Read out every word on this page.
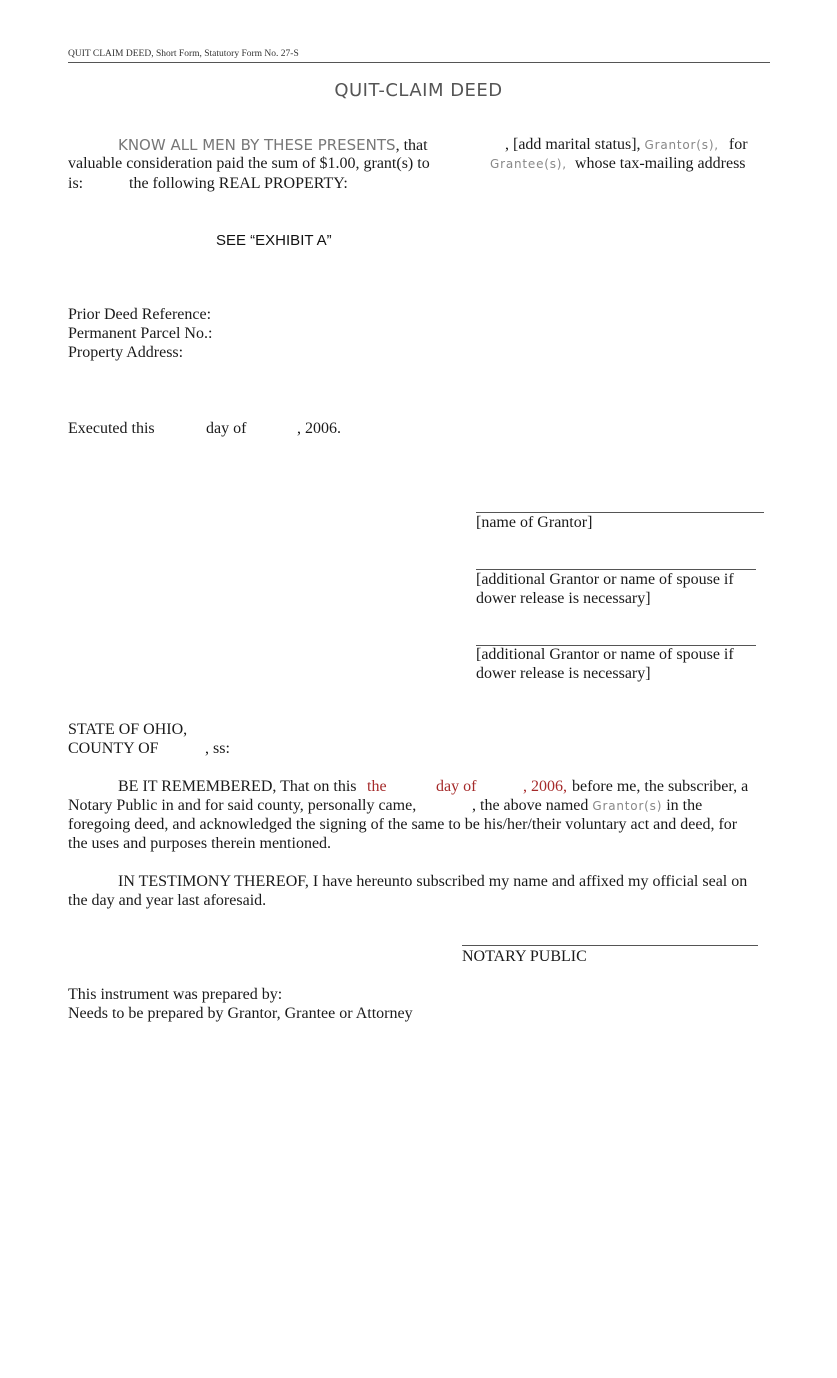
QUIT CLAIM DEED, Short Form, Statutory Form No. 27-S
QUIT-CLAIM DEED
KNOW ALL MEN BY THESE PRESENTS, that	, [add marital status], Grantor(s), for
valuable consideration paid the sum of $1.00, grant(s) to	Grantee(s), whose tax-mailing address
is:	the following REAL PROPERTY:
SEE “EXHIBIT A”
Prior Deed Reference:
Permanent Parcel No.:
Property Address:
Executed this	day of	, 2006.
[name of Grantor]
[additional Grantor or name of spouse if
dower release is necessary]
[additional Grantor or name of spouse if
dower release is necessary]
STATE OF OHIO,
COUNTY OF	, ss:
BE IT REMEMBERED, That on this the	day of	, 2006, before me, the subscriber, a
Notary Public in and for said county, personally came,	, the above named Grantor(s) in the
foregoing deed, and acknowledged the signing of the same to be his/her/their voluntary act and deed, for
the uses and purposes therein mentioned.
IN TESTIMONY THEREOF, I have hereunto subscribed my name and affixed my official seal on
the day and year last aforesaid.
NOTARY PUBLIC
This instrument was prepared by:
Needs to be prepared by Grantor, Grantee or Attorney
